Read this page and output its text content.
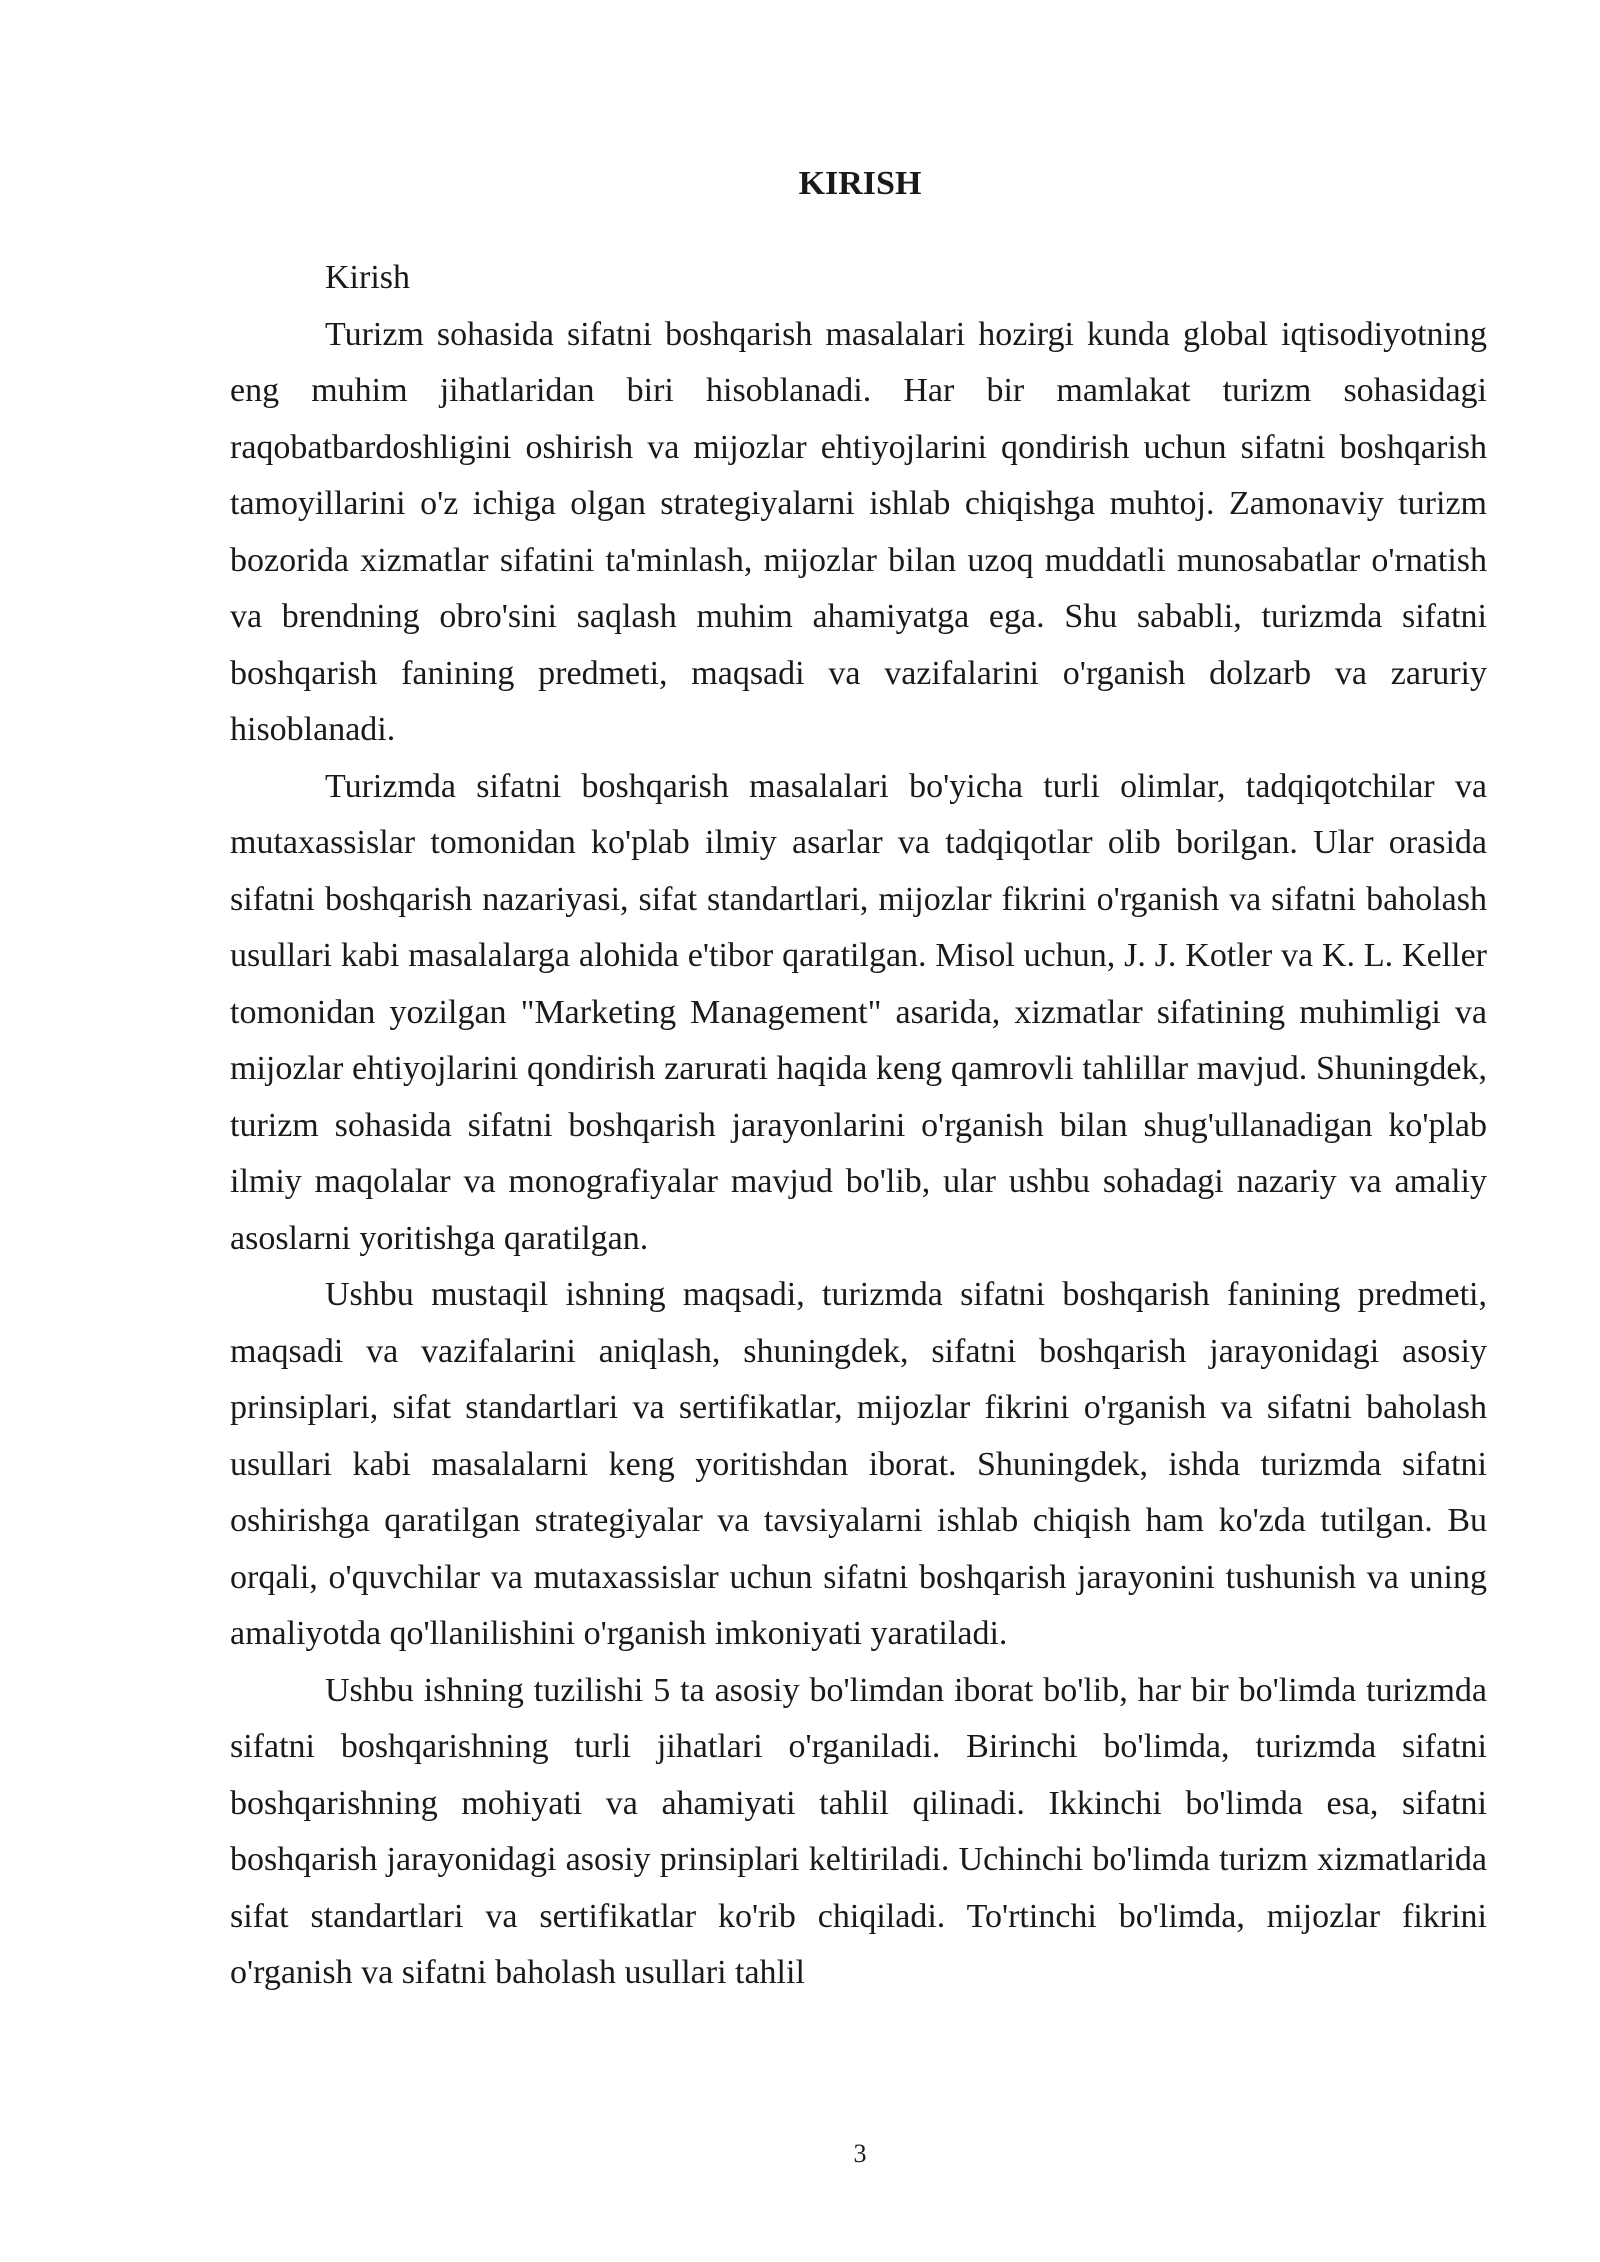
KIRISH

Kirish

Turizm sohasida sifatni boshqarish masalalari hozirgi kunda global iqtisodiyotning eng muhim jihatlaridan biri hisoblanadi. Har bir mamlakat turizm sohasidagi raqobatbardoshligini oshirish va mijozlar ehtiyojlarini qondirish uchun sifatni boshqarish tamoyillarini o'z ichiga olgan strategiyalarni ishlab chiqishga muhtoj. Zamonaviy turizm bozorida xizmatlar sifatini ta'minlash, mijozlar bilan uzoq muddatli munosabatlar o'rnatish va brendning obro'sini saqlash muhim ahamiyatga ega. Shu sababli, turizmda sifatni boshqarish fanining predmeti, maqsadi va vazifalarini o'rganish dolzarb va zaruriy hisoblanadi.

Turizmda sifatni boshqarish masalalari bo'yicha turli olimlar, tadqiqotchilar va mutaxassislar tomonidan ko'plab ilmiy asarlar va tadqiqotlar olib borilgan. Ular orasida sifatni boshqarish nazariyasi, sifat standartlari, mijozlar fikrini o'rganish va sifatni baholash usullari kabi masalalarga alohida e'tibor qaratilgan. Misol uchun, J. J. Kotler va K. L. Keller tomonidan yozilgan "Marketing Management" asarida, xizmatlar sifatining muhimligi va mijozlar ehtiyojlarini qondirish zarurati haqida keng qamrovli tahlillar mavjud. Shuningdek, turizm sohasida sifatni boshqarish jarayonlarini o'rganish bilan shug'ullanadigan ko'plab ilmiy maqolalar va monografiyalar mavjud bo'lib, ular ushbu sohadagi nazariy va amaliy asoslarni yoritishga qaratilgan.

Ushbu mustaqil ishning maqsadi, turizmda sifatni boshqarish fanining predmeti, maqsadi va vazifalarini aniqlash, shuningdek, sifatni boshqarish jarayonidagi asosiy prinsiplari, sifat standartlari va sertifikatlar, mijozlar fikrini o'rganish va sifatni baholash usullari kabi masalalarni keng yoritishdan iborat. Shuningdek, ishda turizmda sifatni oshirishga qaratilgan strategiyalar va tavsiyalarni ishlab chiqish ham ko'zda tutilgan. Bu orqali, o'quvchilar va mutaxassislar uchun sifatni boshqarish jarayonini tushunish va uning amaliyotda qo'llanilishini o'rganish imkoniyati yaratiladi.

Ushbu ishning tuzilishi 5 ta asosiy bo'limdan iborat bo'lib, har bir bo'limda turizmda sifatni boshqarishning turli jihatlari o'rganiladi. Birinchi bo'limda, turizmda sifatni boshqarishning mohiyati va ahamiyati tahlil qilinadi. Ikkinchi bo'limda esa, sifatni boshqarish jarayonidagi asosiy prinsiplari keltiriladi. Uchinchi bo'limda turizm xizmatlarida sifat standartlari va sertifikatlar ko'rib chiqiladi. To'rtinchi bo'limda, mijozlar fikrini o'rganish va sifatni baholash usullari tahlil

3
